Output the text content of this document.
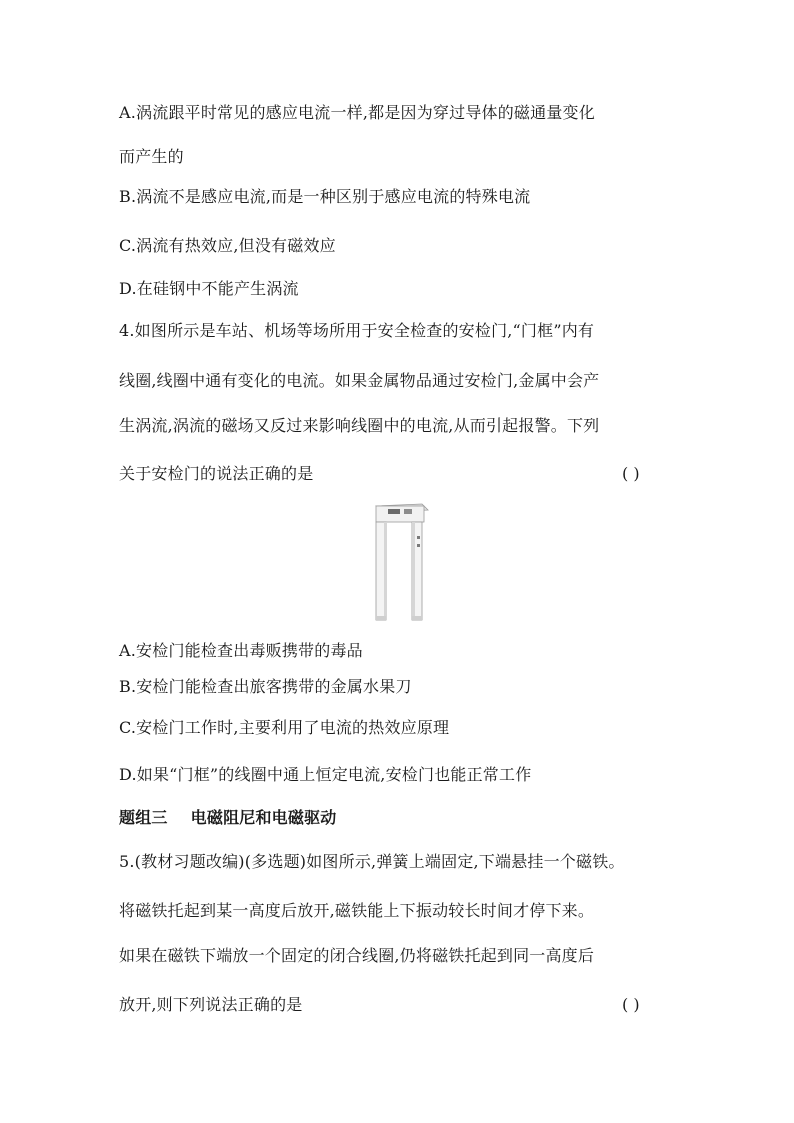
A.涡流跟平时常见的感应电流一样,都是因为穿过导体的磁通量变化
而产生的
B.涡流不是感应电流,而是一种区别于感应电流的特殊电流
C.涡流有热效应,但没有磁效应
D.在硅钢中不能产生涡流
4.如图所示是车站、机场等场所用于安全检查的安检门,“门框”内有
线圈,线圈中通有变化的电流。如果金属物品通过安检门,金属中会产
生涡流,涡流的磁场又反过来影响线圈中的电流,从而引起报警。下列
关于安检门的说法正确的是	( )
A.安检门能检查出毒贩携带的毒品
B.安检门能检查出旅客携带的金属水果刀
C.安检门工作时,主要利用了电流的热效应原理
D.如果“门框”的线圈中通上恒定电流,安检门也能正常工作
题组三    电磁阻尼和电磁驱动
5.(教材习题改编)(多选题)如图所示,弹簧上端固定,下端悬挂一个磁铁。
将磁铁托起到某一高度后放开,磁铁能上下振动较长时间才停下来。
如果在磁铁下端放一个固定的闭合线圈,仍将磁铁托起到同一高度后
放开,则下列说法正确的是	( )
